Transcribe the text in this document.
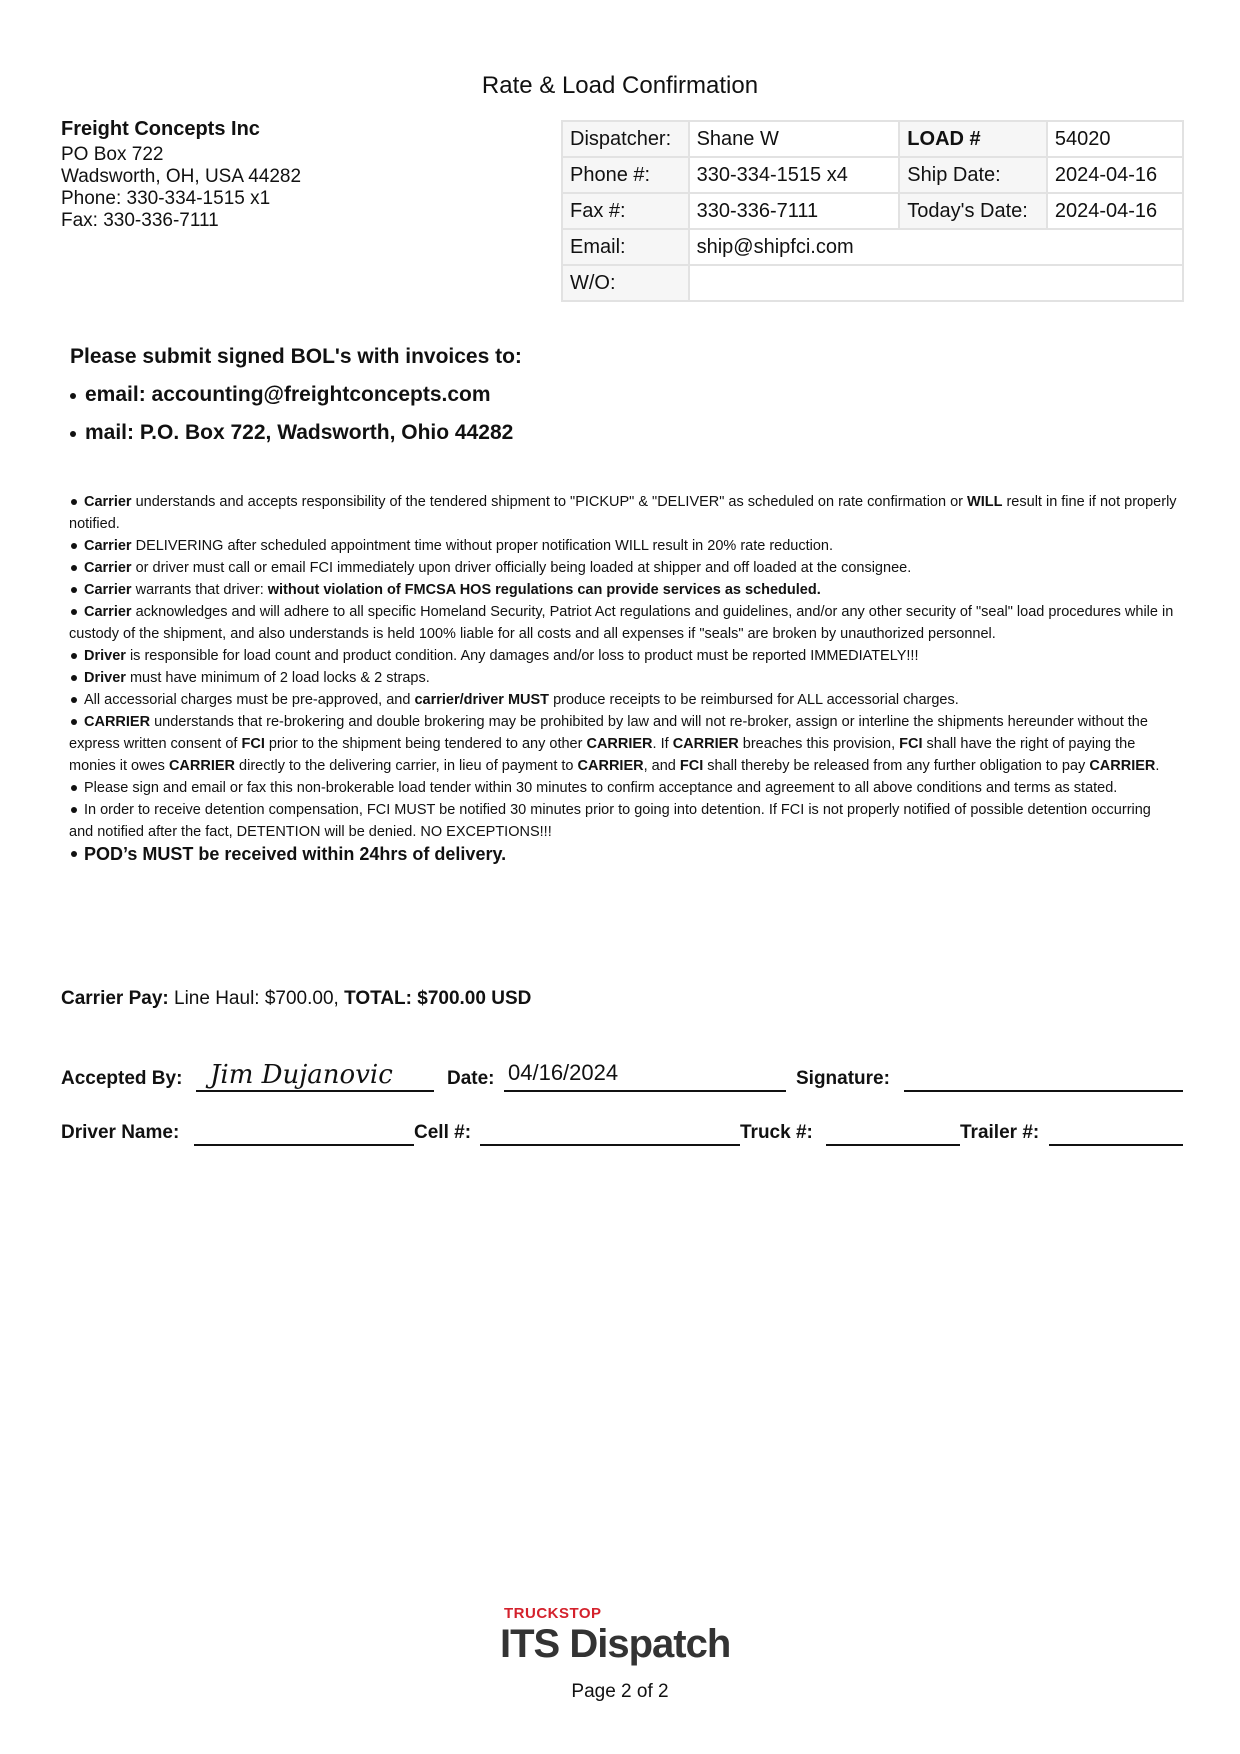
Rate & Load Confirmation
Freight Concepts Inc
PO Box 722
Wadsworth, OH, USA 44282
Phone: 330-334-1515 x1
Fax: 330-336-7111
Dispatcher:	Shane W	LOAD #	54020
Phone #:	330-334-1515 x4	Ship Date:	2024-04-16
Fax #:	330-336-7111	Today's Date:	2024-04-16
Email:	ship@shipfci.com		
W/O:			
Please submit signed BOL's with invoices to:
email: accounting@freightconcepts.com
mail: P.O. Box 722, Wadsworth, Ohio 44282

Carrier understands and accepts responsibility of the tendered shipment to "PICKUP" & "DELIVER" as scheduled on rate confirmation or WILL result in fine if not properly notified.

Carrier DELIVERING after scheduled appointment time without proper notification WILL result in 20% rate reduction.

Carrier or driver must call or email FCI immediately upon driver officially being loaded at shipper and off loaded at the consignee.

Carrier warrants that driver: without violation of FMCSA HOS regulations can provide services as scheduled.

Carrier acknowledges and will adhere to all specific Homeland Security, Patriot Act regulations and guidelines, and/or any other security of "seal" load procedures while in custody of the shipment, and also understands is held 100% liable for all costs and all expenses if "seals" are broken by unauthorized personnel.

Driver is responsible for load count and product condition. Any damages and/or loss to product must be reported IMMEDIATELY!!!

Driver must have minimum of 2 load locks & 2 straps.

All accessorial charges must be pre-approved, and carrier/driver MUST produce receipts to be reimbursed for ALL accessorial charges.

CARRIER understands that re-brokering and double brokering may be prohibited by law and will not re-broker, assign or interline the shipments hereunder without the express written consent of FCI prior to the shipment being tendered to any other CARRIER. If CARRIER breaches this provision, FCI shall have the right of paying the monies it owes CARRIER directly to the delivering carrier, in lieu of payment to CARRIER, and FCI shall thereby be released from any further obligation to pay CARRIER.

Please sign and email or fax this non-brokerable load tender within 30 minutes to confirm acceptance and agreement to all above conditions and terms as stated.

In order to receive detention compensation, FCI MUST be notified 30 minutes prior to going into detention. If FCI is not properly notified of possible detention occurring and notified after the fact, DETENTION will be denied. NO EXCEPTIONS!!!

POD’s MUST be received within 24hrs of delivery.

Carrier Pay: Line Haul: $700.00, TOTAL: $700.00 USD
Accepted By: Jim Dujanovic	Date: 04/16/2024	Signature:
Driver Name:	Cell #:	Truck #:	Trailer #:
TRUCKSTOP
ITS Dispatch
Page 2 of 2
